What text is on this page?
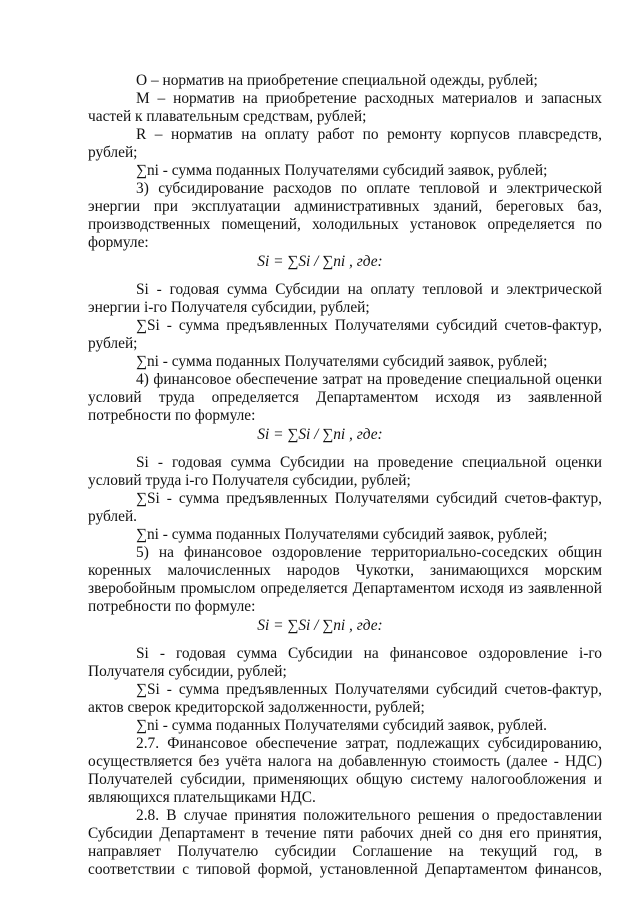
О – норматив на приобретение специальной одежды, рублей;
М – норматив на приобретение расходных материалов и запасных
частей к плавательным средствам, рублей;
R – норматив на оплату работ по ремонту корпусов плавсредств,
рублей;
∑ni - сумма поданных Получателями субсидий заявок, рублей;
3) субсидирование расходов по оплате тепловой и электрической
энергии при эксплуатации административных зданий, береговых баз,
производственных помещений, холодильных установок определяется по
формуле:
Si = ∑Si / ∑ni , где:
Si - годовая сумма Субсидии на оплату тепловой и электрической
энергии i-го Получателя субсидии, рублей;
∑Si - сумма предъявленных Получателями субсидий счетов-фактур,
рублей;
∑ni - сумма поданных Получателями субсидий заявок, рублей;
4) финансовое обеспечение затрат на проведение специальной оценки
условий труда определяется Департаментом исходя из заявленной
потребности по формуле:
Si = ∑Si / ∑ni , где:
Si - годовая сумма Субсидии на проведение специальной оценки
условий труда i-го Получателя субсидии, рублей;
∑Si - сумма предъявленных Получателями субсидий счетов-фактур,
рублей.
∑ni - сумма поданных Получателями субсидий заявок, рублей;
5) на финансовое оздоровление территориально-соседских общин
коренных малочисленных народов Чукотки, занимающихся морским
зверобойным промыслом определяется Департаментом исходя из заявленной
потребности по формуле:
Si = ∑Si / ∑ni , где:
Si - годовая сумма Субсидии на финансовое оздоровление i-го
Получателя субсидии, рублей;
∑Si - сумма предъявленных Получателями субсидий счетов-фактур,
актов сверок кредиторской задолженности, рублей;
∑ni - сумма поданных Получателями субсидий заявок, рублей.
2.7. Финансовое обеспечение затрат, подлежащих субсидированию,
осуществляется без учёта налога на добавленную стоимость (далее - НДС)
Получателей субсидии, применяющих общую систему налогообложения и
являющихся плательщиками НДС.
2.8. В случае принятия положительного решения о предоставлении
Субсидии Департамент в течение пяти рабочих дней со дня его принятия,
направляет Получателю субсидии Соглашение на текущий год, в
соответствии с типовой формой, установленной Департаментом финансов,
